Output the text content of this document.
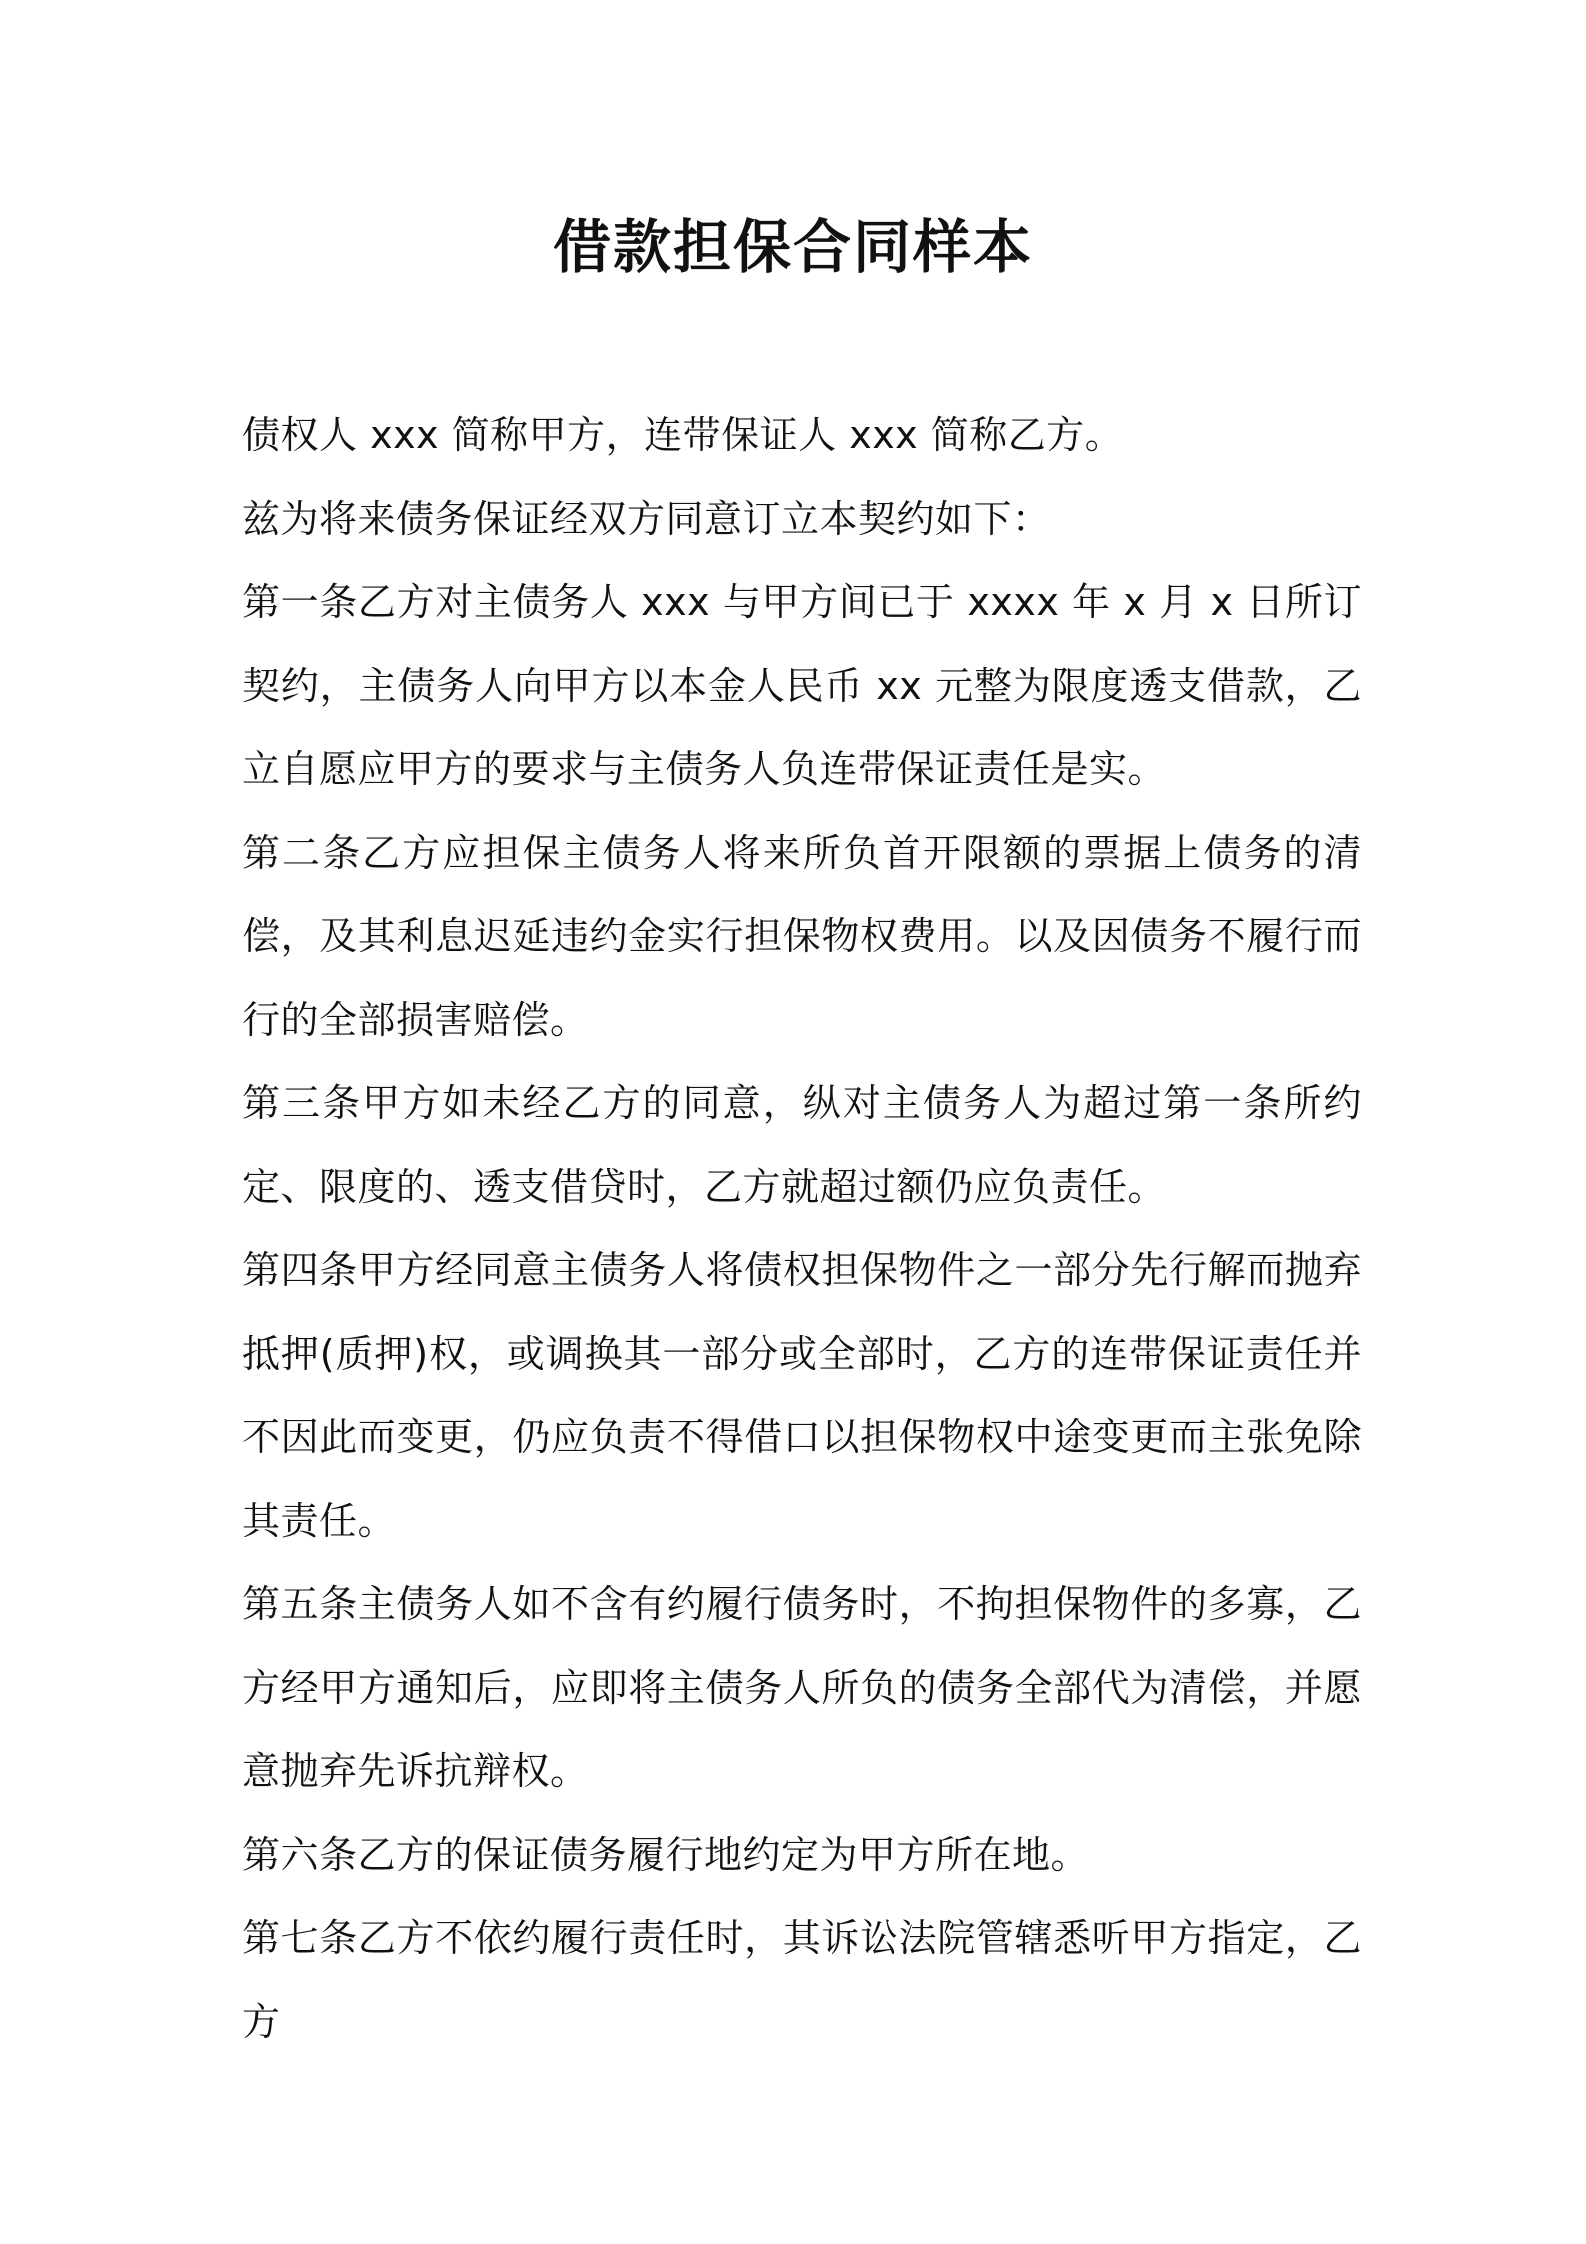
借款担保合同样本

债权人 xxx 简称甲方，连带保证人 xxx 简称乙方。

兹为将来债务保证经双方同意订立本契约如下：

第一条乙方对主债务人 xxx 与甲方间已于 xxxx 年 x 月 x 日所订契约，主债务人向甲方以本金人民币 xx 元整为限度透支借款，乙立自愿应甲方的要求与主债务人负连带保证责任是实。

第二条乙方应担保主债务人将来所负首开限额的票据上债务的清偿，及其利息迟延违约金实行担保物权费用。以及因债务不履行而行的全部损害赔偿。

第三条甲方如未经乙方的同意，纵对主债务人为超过第一条所约定、限度的、透支借贷时，乙方就超过额仍应负责任。

第四条甲方经同意主债务人将债权担保物件之一部分先行解而抛弃抵押(质押)权，或调换其一部分或全部时，乙方的连带保证责任并不因此而变更，仍应负责不得借口以担保物权中途变更而主张免除其责任。

第五条主债务人如不含有约履行债务时，不拘担保物件的多寡，乙方经甲方通知后，应即将主债务人所负的债务全部代为清偿，并愿意抛弃先诉抗辩权。

第六条乙方的保证债务履行地约定为甲方所在地。

第七条乙方不依约履行责任时，其诉讼法院管辖悉听甲方指定，乙方
